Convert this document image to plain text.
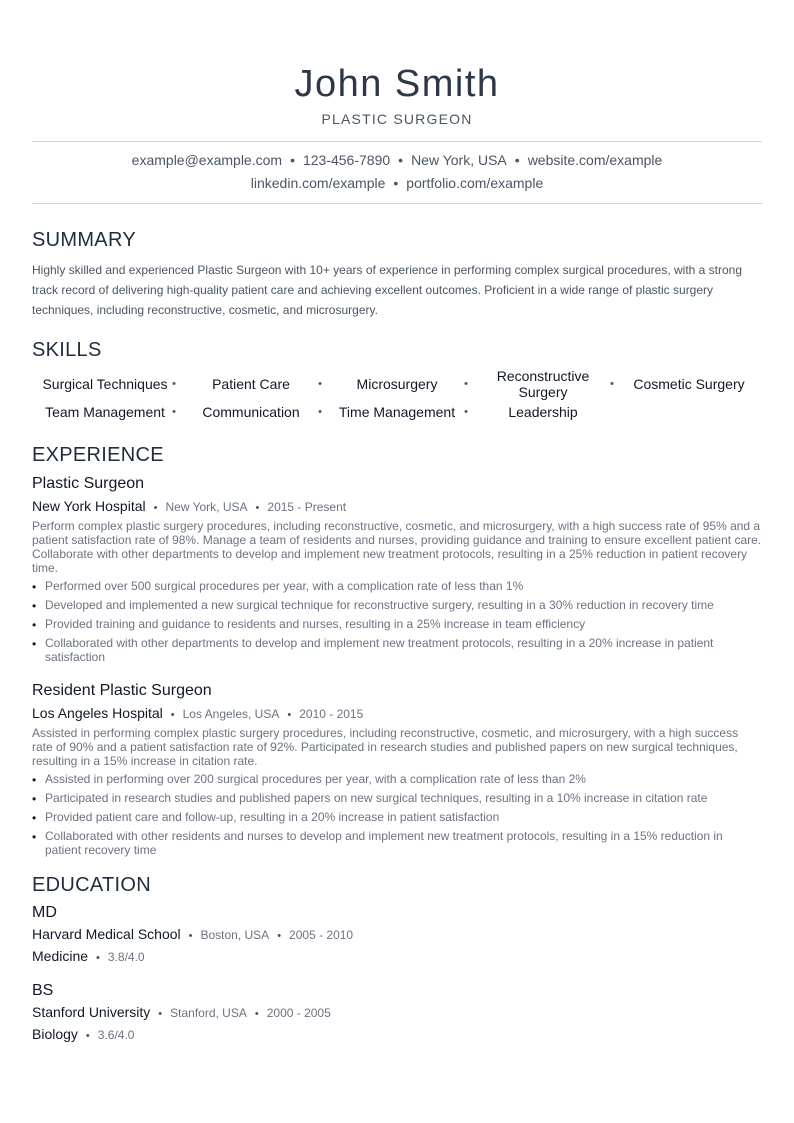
John Smith
PLASTIC SURGEON
example@example.com • 123-456-7890 • New York, USA • website.com/example
linkedin.com/example • portfolio.com/example
SUMMARY
Highly skilled and experienced Plastic Surgeon with 10+ years of experience in performing complex surgical procedures, with a strong track record of delivering high-quality patient care and achieving excellent outcomes. Proficient in a wide range of plastic surgery techniques, including reconstructive, cosmetic, and microsurgery.
SKILLS
Surgical Techniques •	Patient Care	• Microsurgery •	Reconstructive Surgery	• Cosmetic Surgery
Team Management • Communication • Time Management •	Leadership
EXPERIENCE
Plastic Surgeon
New York Hospital • New York, USA • 2015 - Present
Perform complex plastic surgery procedures, including reconstructive, cosmetic, and microsurgery, with a high success rate of 95% and a patient satisfaction rate of 98%. Manage a team of residents and nurses, providing guidance and training to ensure excellent patient care. Collaborate with other departments to develop and implement new treatment protocols, resulting in a 25% reduction in patient recovery time.
• Performed over 500 surgical procedures per year, with a complication rate of less than 1%
• Developed and implemented a new surgical technique for reconstructive surgery, resulting in a 30% reduction in recovery time
• Provided training and guidance to residents and nurses, resulting in a 25% increase in team efficiency
• Collaborated with other departments to develop and implement new treatment protocols, resulting in a 20% increase in patient satisfaction
Resident Plastic Surgeon
Los Angeles Hospital • Los Angeles, USA • 2010 - 2015
Assisted in performing complex plastic surgery procedures, including reconstructive, cosmetic, and microsurgery, with a high success rate of 90% and a patient satisfaction rate of 92%. Participated in research studies and published papers on new surgical techniques, resulting in a 15% increase in citation rate.
• Assisted in performing over 200 surgical procedures per year, with a complication rate of less than 2%
• Participated in research studies and published papers on new surgical techniques, resulting in a 10% increase in citation rate
• Provided patient care and follow-up, resulting in a 20% increase in patient satisfaction
• Collaborated with other residents and nurses to develop and implement new treatment protocols, resulting in a 15% reduction in patient recovery time
EDUCATION
MD
Harvard Medical School • Boston, USA • 2005 - 2010
Medicine • 3.8/4.0
BS
Stanford University • Stanford, USA • 2000 - 2005
Biology • 3.6/4.0
